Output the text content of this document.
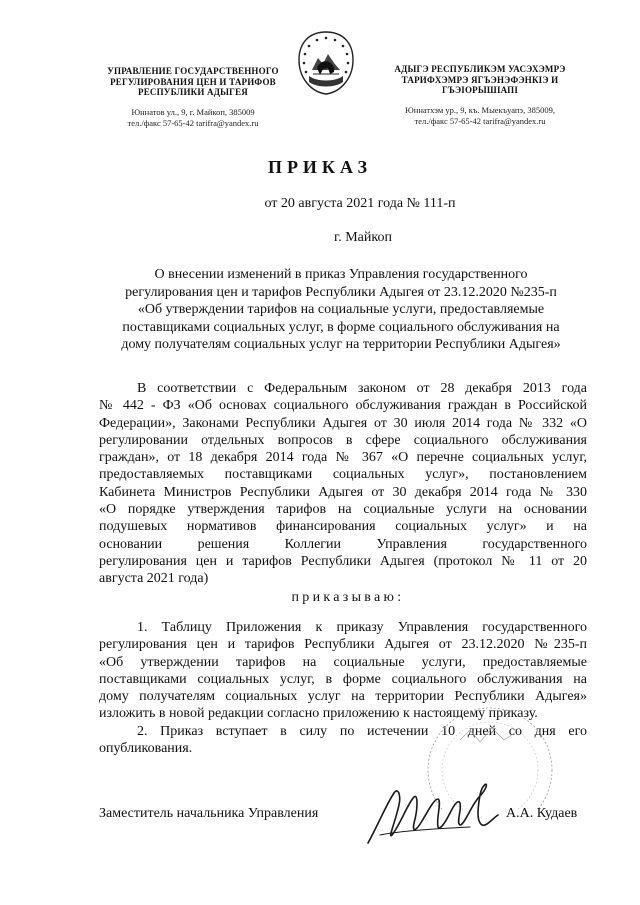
УПРАВЛЕНИЕ ГОСУДАРСТВЕННОГО
РЕГУЛИРОВАНИЯ ЦЕН И ТАРИФОВ
РЕСПУБЛИКИ АДЫГЕЯ
Юннатов ул., 9, г. Майкоп, 385009
тел./факс 57-65-42 tarifra@yandex.ru
АДЫГЭ РЕСПУБЛИКЭМ УАСЭХЭМРЭ
ТАРИФХЭМРЭ ЯГЪЭНЭФЭНКІЭ И
ГЪЭІОРЫШІАПІ
Юннатхэм ур., 9, къ. Мыекъуапэ, 385009,
тел./факс 57-65-42 tarifra@yandex.ru
ПРИКАЗ
от 20 августа 2021 года № 111-п
г. Майкоп
О внесении изменений в приказ Управления государственного
регулирования цен и тарифов Республики Адыгея от 23.12.2020 №235-п
«Об утверждении тарифов на социальные услуги, предоставляемые
поставщиками социальных услуг, в форме социального обслуживания на
дому получателям социальных услуг на территории Республики Адыгея»
В соответствии с Федеральным законом от 28 декабря 2013 года
№ 442 - ФЗ «Об основах социального обслуживания граждан в Российской
Федерации», Законами Республики Адыгея от 30 июля 2014 года № 332 «О
регулировании отдельных вопросов в сфере социального обслуживания
граждан», от 18 декабря 2014 года № 367 «О перечне социальных услуг,
предоставляемых поставщиками социальных услуг», постановлением
Кабинета Министров Республики Адыгея от 30 декабря 2014 года № 330
«О порядке утверждения тарифов на социальные услуги на основании
подушевых нормативов финансирования социальных услуг» и на
основании решения Коллегии Управления государственного
регулирования цен и тарифов Республики Адыгея (протокол № 11 от 20
августа 2021 года)
приказываю:
1. Таблицу Приложения к приказу Управления государственного
регулирования цен и тарифов Республики Адыгея от 23.12.2020 №235-п
«Об утверждении тарифов на социальные услуги, предоставляемые
поставщиками социальных услуг, в форме социального обслуживания на
дому получателям социальных услуг на территории Республики Адыгея»
изложить в новой редакции согласно приложению к настоящему приказу.
2. Приказ вступает в силу по истечении 10 дней со дня его
опубликования.
Заместитель начальника Управления	А.А. Кудаев
